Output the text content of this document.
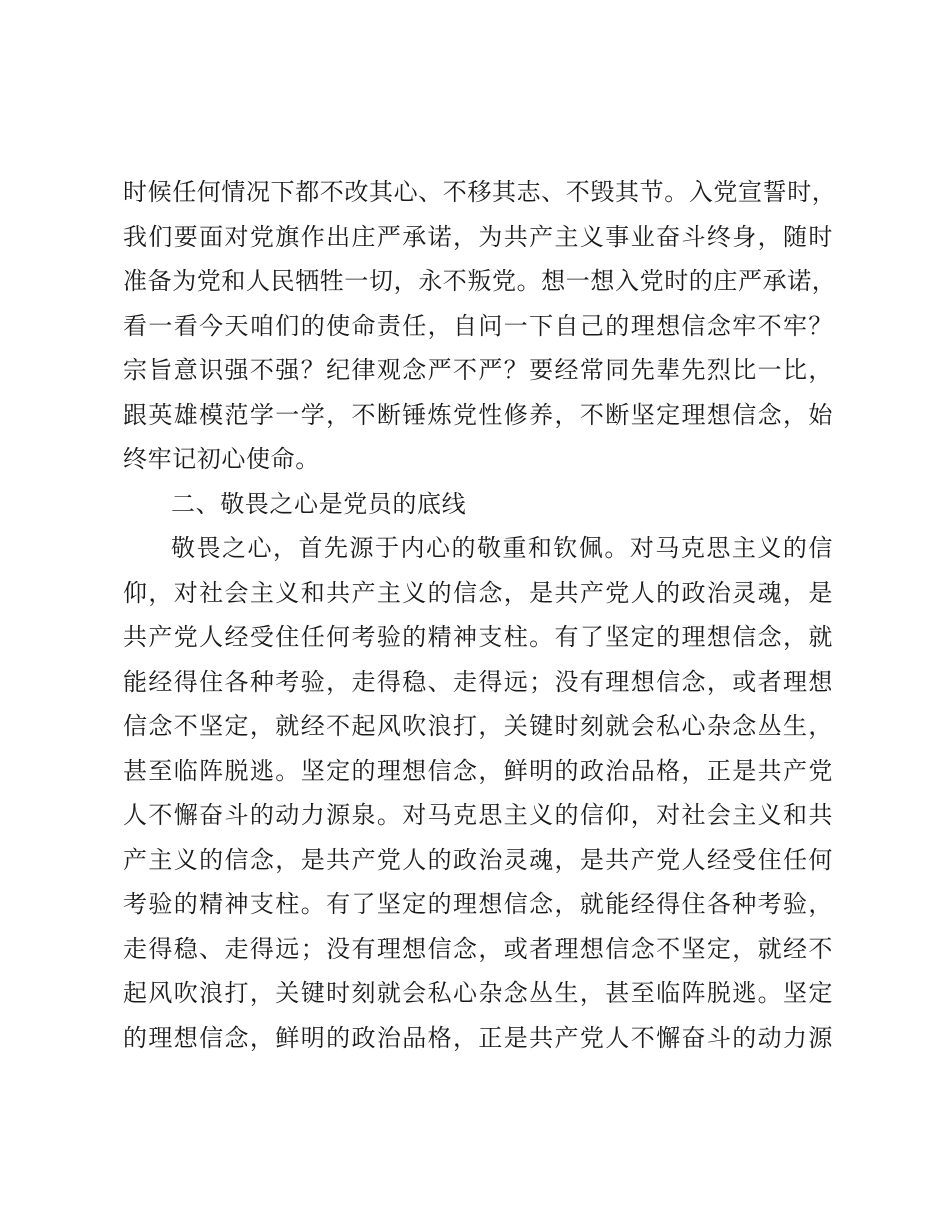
时候任何情况下都不改其心、不移其志、不毁其节。入党宣誓时，
我们要面对党旗作出庄严承诺，为共产主义事业奋斗终身，随时
准备为党和人民牺牲一切，永不叛党。想一想入党时的庄严承诺，
看一看今天咱们的使命责任，自问一下自己的理想信念牢不牢？
宗旨意识强不强？纪律观念严不严？要经常同先辈先烈比一比，
跟英雄模范学一学，不断锤炼党性修养，不断坚定理想信念，始
终牢记初心使命。
二、敬畏之心是党员的底线
敬畏之心，首先源于内心的敬重和钦佩。对马克思主义的信
仰，对社会主义和共产主义的信念，是共产党人的政治灵魂，是
共产党人经受住任何考验的精神支柱。有了坚定的理想信念，就
能经得住各种考验，走得稳、走得远；没有理想信念，或者理想
信念不坚定，就经不起风吹浪打，关键时刻就会私心杂念丛生，
甚至临阵脱逃。坚定的理想信念，鲜明的政治品格，正是共产党
人不懈奋斗的动力源泉。对马克思主义的信仰，对社会主义和共
产主义的信念，是共产党人的政治灵魂，是共产党人经受住任何
考验的精神支柱。有了坚定的理想信念，就能经得住各种考验，
走得稳、走得远；没有理想信念，或者理想信念不坚定，就经不
起风吹浪打，关键时刻就会私心杂念丛生，甚至临阵脱逃。坚定
的理想信念，鲜明的政治品格，正是共产党人不懈奋斗的动力源
